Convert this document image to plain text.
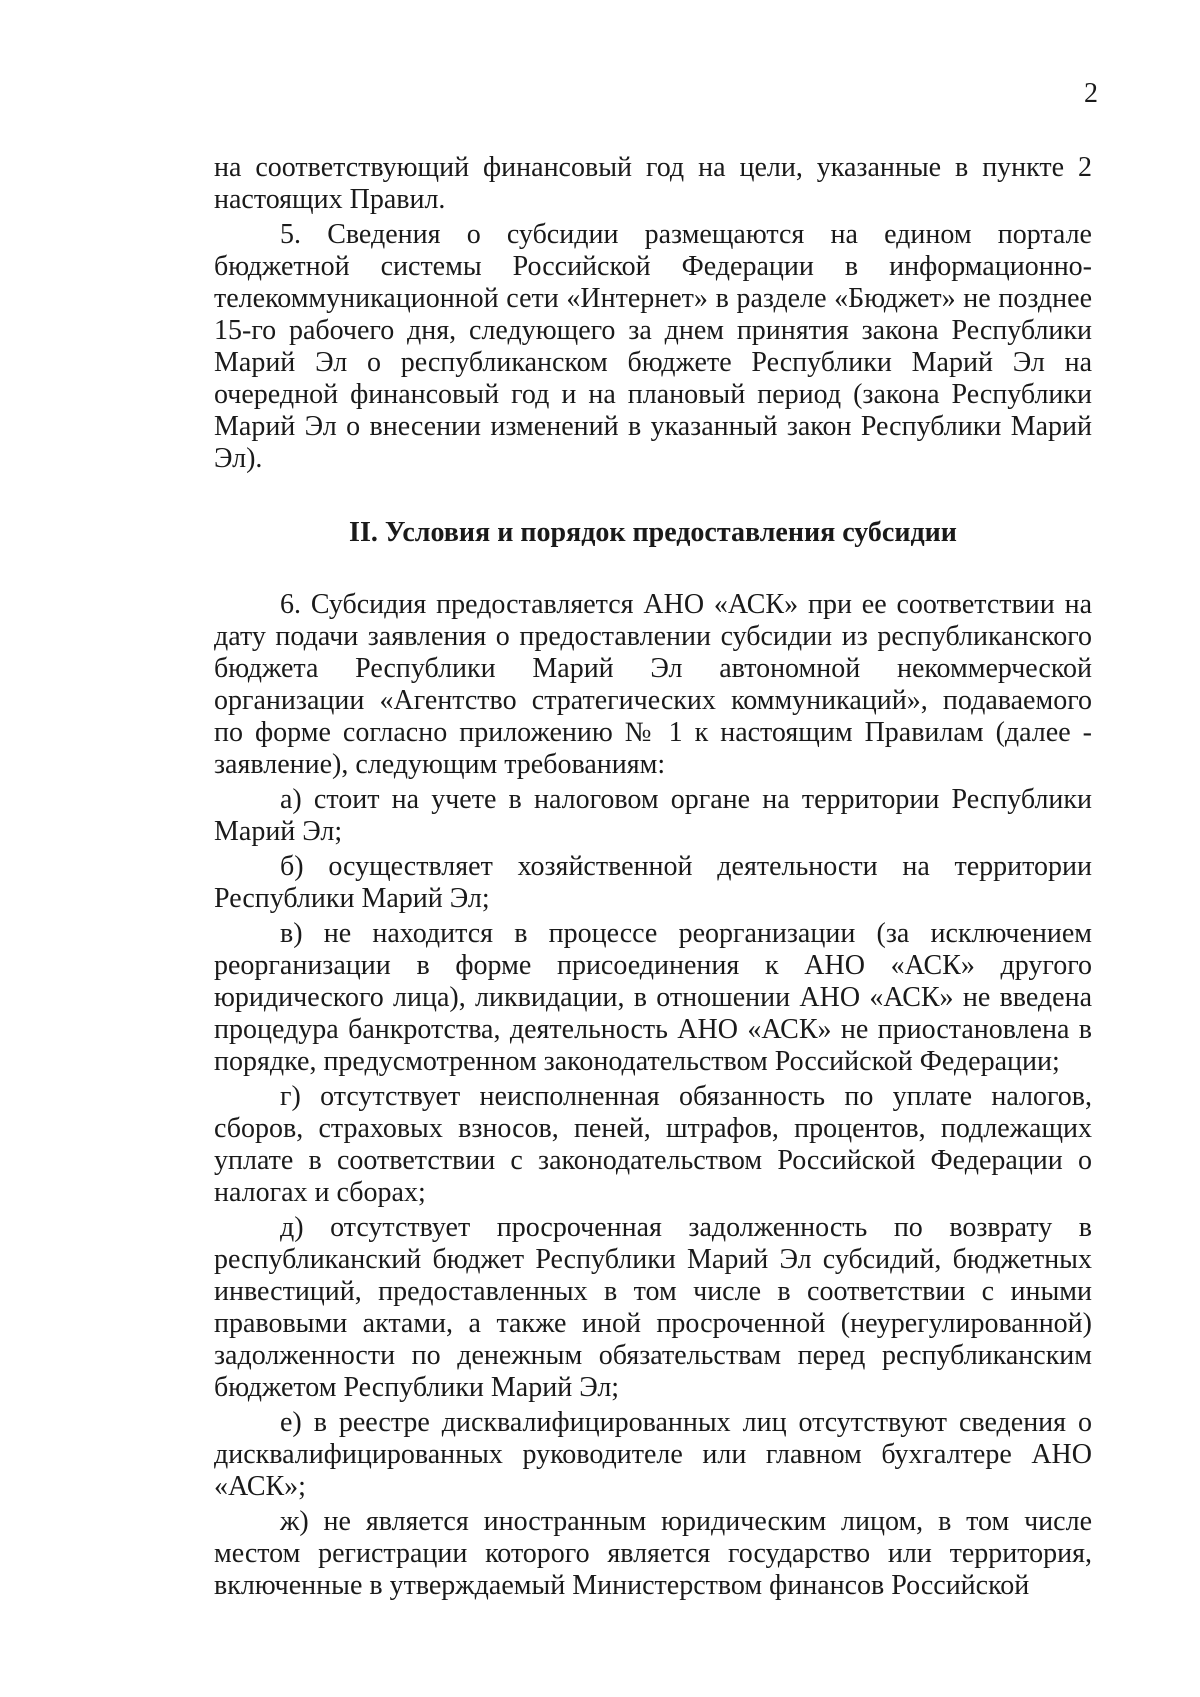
2

на соответствующий финансовый год на цели, указанные в пункте 2 настоящих Правил.

5. Сведения о субсидии размещаются на едином портале бюджетной системы Российской Федерации в информационно-телекоммуникационной сети «Интернет» в разделе «Бюджет» не позднее 15-го рабочего дня, следующего за днем принятия закона Республики Марий Эл о республиканском бюджете Республики Марий Эл на очередной финансовый год и на плановый период (закона Республики Марий Эл о внесении изменений в указанный закон Республики Марий Эл).

II. Условия и порядок предоставления субсидии

6. Субсидия предоставляется АНО «АСК» при ее соответствии на дату подачи заявления о предоставлении субсидии из республиканского бюджета Республики Марий Эл автономной некоммерческой организации «Агентство стратегических коммуникаций», подаваемого по форме согласно приложению № 1 к настоящим Правилам (далее - заявление), следующим требованиям:

а) стоит на учете в налоговом органе на территории Республики Марий Эл;

б) осуществляет хозяйственной деятельности на территории Республики Марий Эл;

в) не находится в процессе реорганизации (за исключением реорганизации в форме присоединения к АНО «АСК» другого юридического лица), ликвидации, в отношении АНО «АСК» не введена процедура банкротства, деятельность АНО «АСК» не приостановлена в порядке, предусмотренном законодательством Российской Федерации;

г) отсутствует неисполненная обязанность по уплате налогов, сборов, страховых взносов, пеней, штрафов, процентов, подлежащих уплате в соответствии с законодательством Российской Федерации о налогах и сборах;

д) отсутствует просроченная задолженность по возврату в республиканский бюджет Республики Марий Эл субсидий, бюджетных инвестиций, предоставленных в том числе в соответствии с иными правовыми актами, а также иной просроченной (неурегулированной) задолженности по денежным обязательствам перед республиканским бюджетом Республики Марий Эл;

е) в реестре дисквалифицированных лиц отсутствуют сведения о дисквалифицированных руководителе или главном бухгалтере АНО «АСК»;

ж) не является иностранным юридическим лицом, в том числе местом регистрации которого является государство или территория, включенные в утверждаемый Министерством финансов Российской
